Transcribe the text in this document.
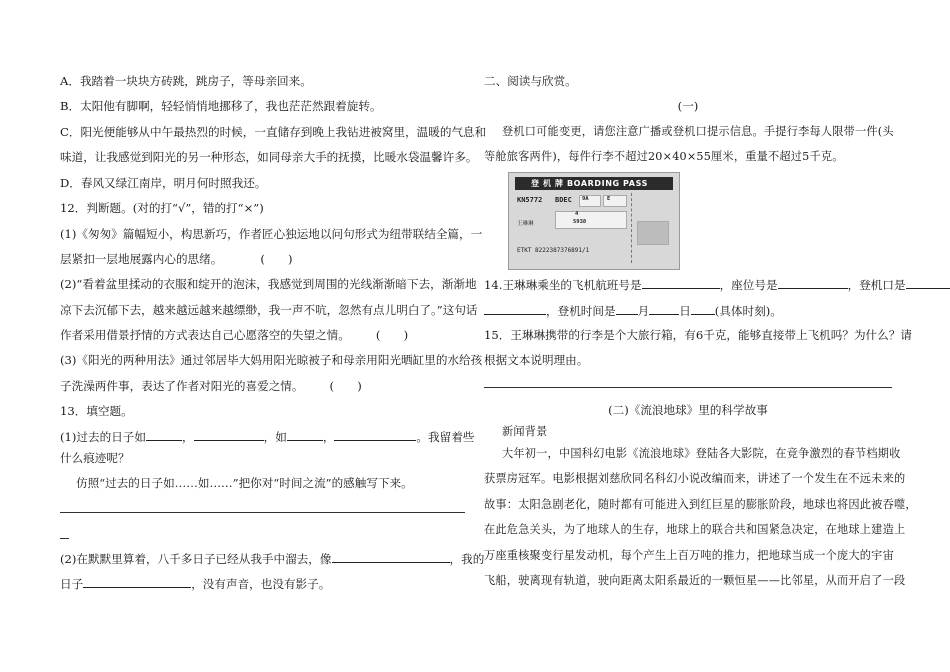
A．我踏着一块块方砖跳，跳房子，等母亲回来。
B．太阳他有脚啊，轻轻悄悄地挪移了，我也茫茫然跟着旋转。
C．阳光便能够从中午最热烈的时候，一直储存到晚上我钻进被窝里，温暖的气息和
味道，让我感觉到阳光的另一种形态，如同母亲大手的抚摸，比暖水袋温馨许多。
D．春风又绿江南岸，明月何时照我还。
12．判断题。(对的打“√”，错的打“×”)
(1)《匆匆》篇幅短小，构思新巧，作者匠心独运地以问句形式为纽带联结全篇，一
层紧扣一层地展露内心的思绪。	(　　)
(2)“看着盆里揉动的衣服和绽开的泡沫，我感觉到周围的光线渐渐暗下去，渐渐地
凉下去沉郁下去，越来越远越来越缥缈，我一声不吭，忽然有点儿明白了。”这句话
作者采用借景抒情的方式表达自己心愿落空的失望之情。 (　　)
(3)《阳光的两种用法》通过邻居毕大妈用阳光晾被子和母亲用阳光晒缸里的水给孩
子洗澡两件事，表达了作者对阳光的喜爱之情。 (　　)
13．填空题。
(1)过去的日子如	，	，如	，	。我留着些
什么痕迹呢？
仿照“过去的日子如……如……”把你对“时间之流”的感触写下来。
(2)在默默里算着，八千多日子已经从我手中溜去，像	，我的
日子	，没有声音，也没有影子。
二、阅读与欣赏。
(一)
登机口可能变更，请您注意广播或登机口提示信息。手提行李每人限带一件(头
等舱旅客两件)，每件行李不超过20×40×55厘米，重量不超过5千克。
登 机 牌 BOARDING PASS
KN5772 BDEC 9A	E
4
5938
王琳琳
ETKT 8222387376891/1
14.王琳琳乘坐的飞机航班号是	，座位号是	，登机口是
，登机时间是 月	日 (具体时刻)。
15．王琳琳携带的行李是个大旅行箱，有6千克，能够直接带上飞机吗？为什么？请
根据文本说明理由。
(二)《流浪地球》里的科学故事
新闻背景
大年初一，中国科幻电影《流浪地球》登陆各大影院，在竞争激烈的春节档期收
获票房冠军。电影根据刘慈欣同名科幻小说改编而来，讲述了一个发生在不远未来的
故事：太阳急剧老化，随时都有可能进入到红巨星的膨胀阶段，地球也将因此被吞噬，
在此危急关头，为了地球人的生存，地球上的联合共和国紧急决定，在地球上建造上
万座重核聚变行星发动机，每个产生上百万吨的推力，把地球当成一个庞大的宇宙
飞船，驶离现有轨道，驶向距离太阳系最近的一颗恒星——比邻星，从而开启了一段
